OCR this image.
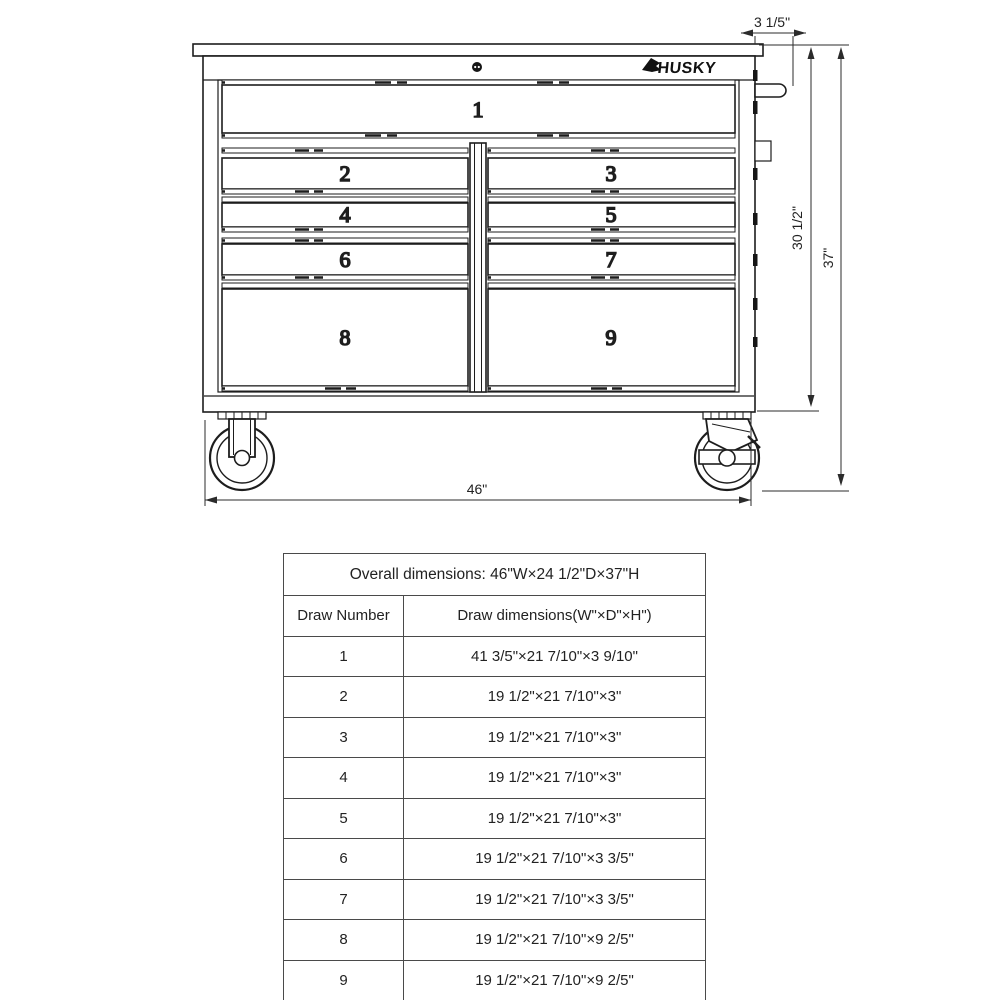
HUSKY
1
2	3
4	5
6	7
8	9
3 1/5"
30 1/2"
37"
46"
Overall dimensions: 46"W×24 1/2"D×37"H	
Draw Number	Draw dimensions(W"×D"×H")
1	41 3/5"×21 7/10"×3 9/10"
2	19 1/2"×21 7/10"×3"
3	19 1/2"×21 7/10"×3"
4	19 1/2"×21 7/10"×3"
5	19 1/2"×21 7/10"×3"
6	19 1/2"×21 7/10"×3 3/5"
7	19 1/2"×21 7/10"×3 3/5"
8	19 1/2"×21 7/10"×9 2/5"
9	19 1/2"×21 7/10"×9 2/5"
